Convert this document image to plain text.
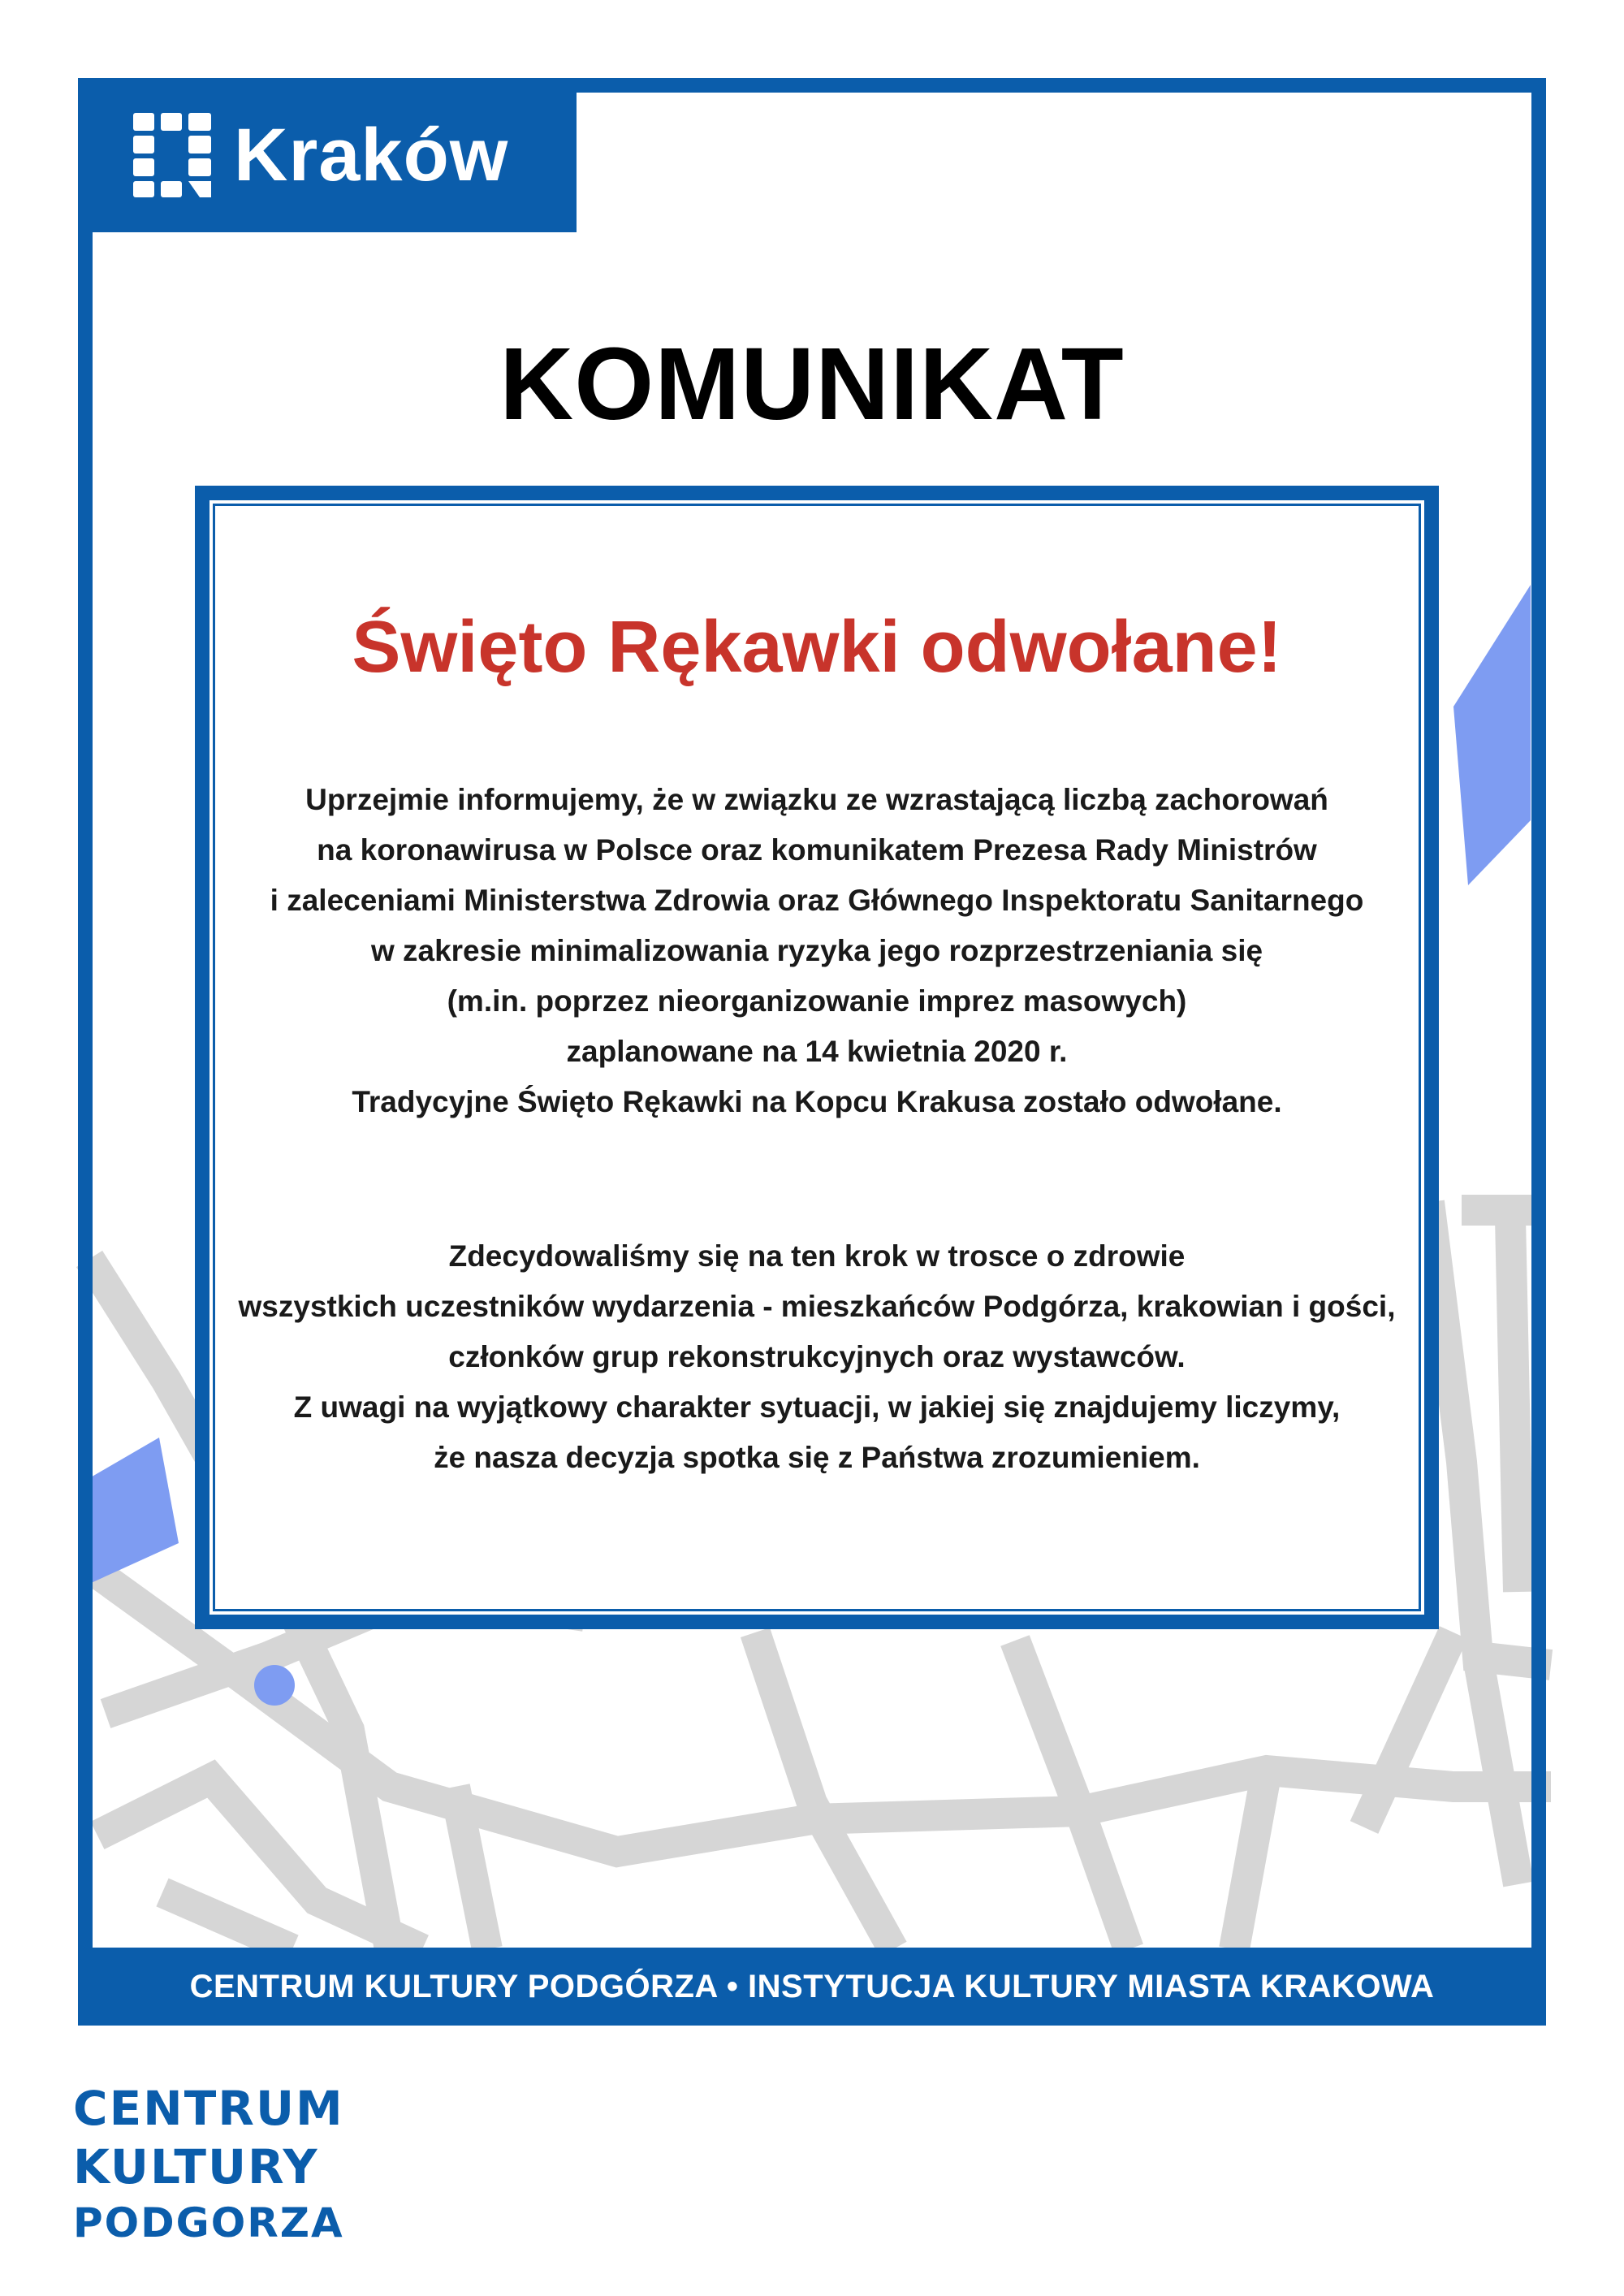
Kraków
KOMUNIKAT
Święto Rękawki odwołane!
Uprzejmie informujemy, że w związku ze wzrastającą liczbą zachorowań
na koronawirusa w Polsce oraz komunikatem Prezesa Rady Ministrów
i zaleceniami Ministerstwa Zdrowia oraz Głównego Inspektoratu Sanitarnego
w zakresie minimalizowania ryzyka jego rozprzestrzeniania się
(m.in. poprzez nieorganizowanie imprez masowych)
zaplanowane na 14 kwietnia 2020 r.
Tradycyjne Święto Rękawki na Kopcu Krakusa zostało odwołane.
Zdecydowaliśmy się na ten krok w trosce o zdrowie
wszystkich uczestników wydarzenia - mieszkańców Podgórza, krakowian i gości,
członków grup rekonstrukcyjnych oraz wystawców.
Z uwagi na wyjątkowy charakter sytuacji, w jakiej się znajdujemy liczymy,
że nasza decyzja spotka się z Państwa zrozumieniem.
CENTRUM KULTURY PODGÓRZA • INSTYTUCJA KULTURY MIASTA KRAKOWA
CENTRUM
KULTURY
PODGORZA
